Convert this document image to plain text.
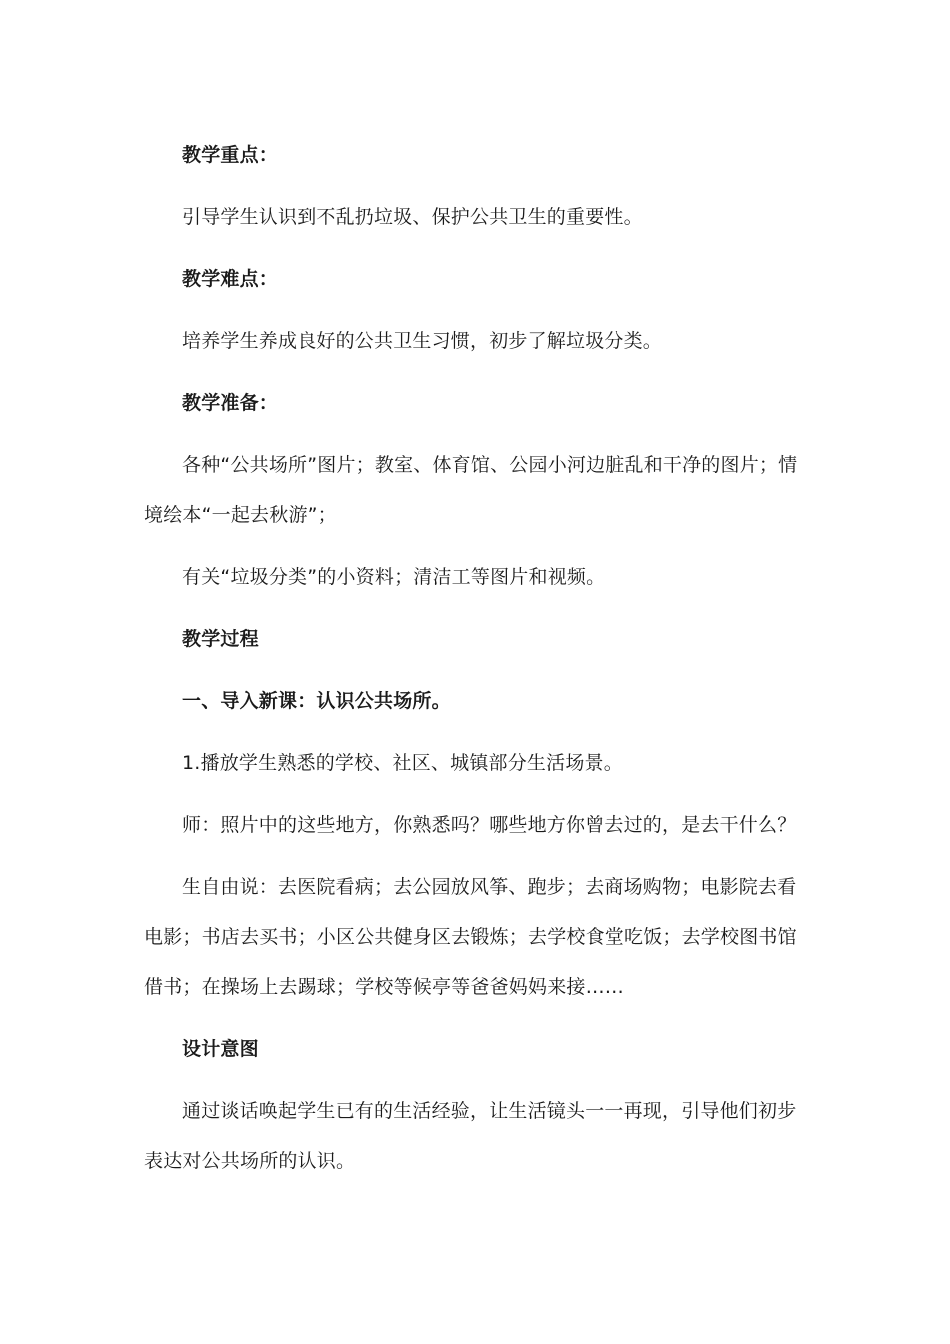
教学重点：

引导学生认识到不乱扔垃圾、保护公共卫生的重要性。

教学难点：

培养学生养成良好的公共卫生习惯，初步了解垃圾分类。

教学准备：

各种“公共场所”图片；教室、体育馆、公园小河边脏乱和干净的图片；情境绘本“一起去秋游”；

有关“垃圾分类”的小资料；清洁工等图片和视频。

教学过程

一、导入新课：认识公共场所。

1.播放学生熟悉的学校、社区、城镇部分生活场景。

师：照片中的这些地方，你熟悉吗？哪些地方你曾去过的，是去干什么？

生自由说：去医院看病；去公园放风筝、跑步；去商场购物；电影院去看电影；书店去买书；小区公共健身区去锻炼；去学校食堂吃饭；去学校图书馆借书；在操场上去踢球；学校等候亭等爸爸妈妈来接……

设计意图

通过谈话唤起学生已有的生活经验，让生活镜头一一再现，引导他们初步表达对公共场所的认识。
